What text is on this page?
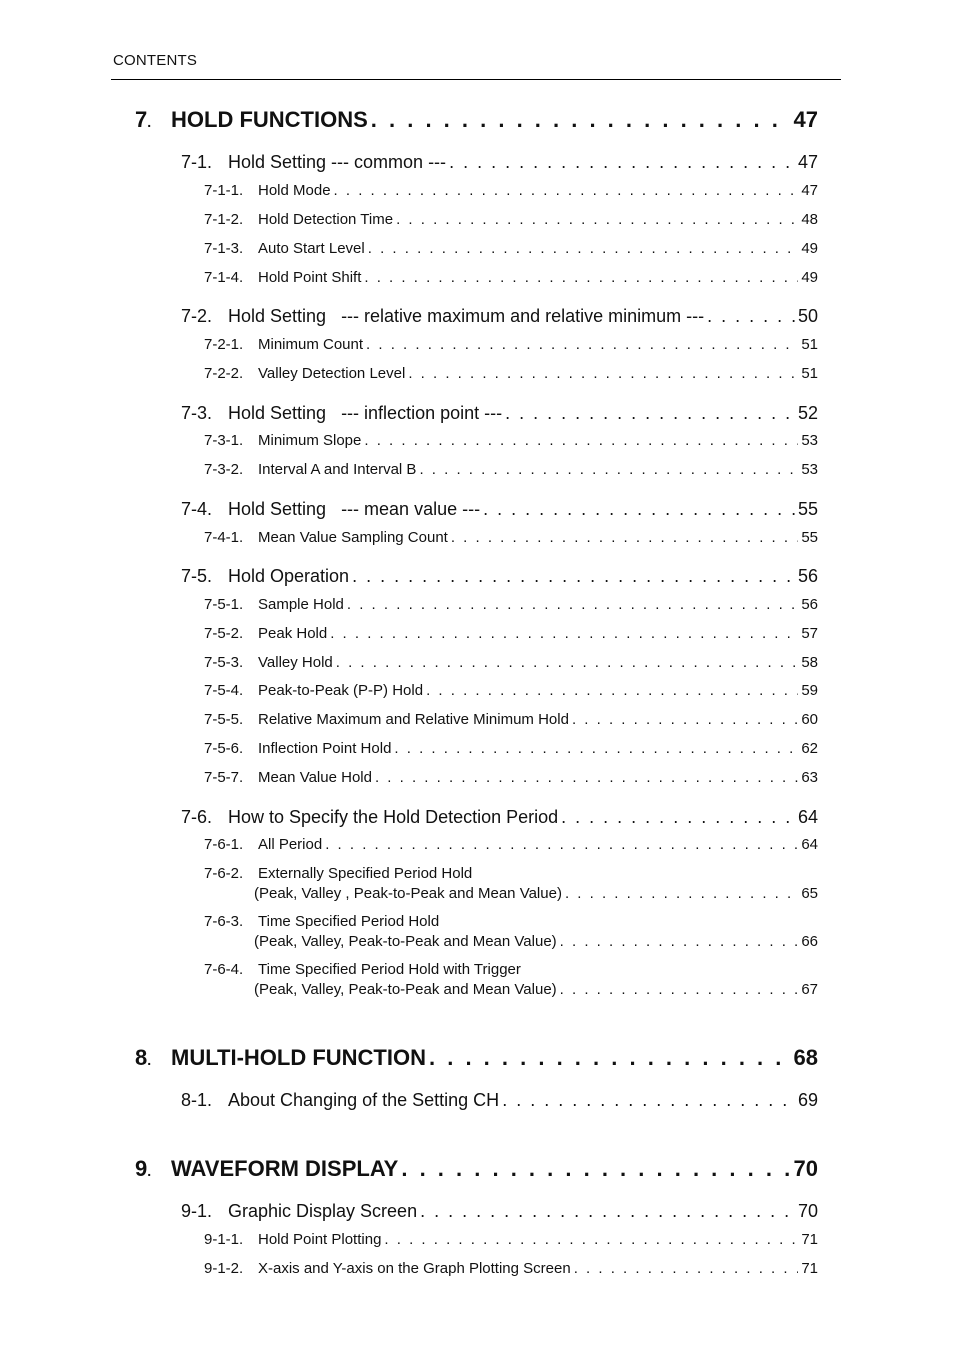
CONTENTS
7. HOLD FUNCTIONS . . .	47
7-1. Hold Setting --- common --- . . .	47
7-1-1. Hold Mode . . .	47
7-1-2. Hold Detection Time . . .	48
7-1-3. Auto Start Level . . .	49
7-1-4. Hold Point Shift . . .	49
7-2. Hold Setting   --- relative maximum and relative minimum --- . . .	50
7-2-1. Minimum Count . . .	51
7-2-2. Valley Detection Level . . .	51
7-3. Hold Setting   --- inflection point --- . . .	52
7-3-1. Minimum Slope . . .	53
7-3-2. Interval A and Interval B . . .	53
7-4. Hold Setting   --- mean value --- . . .	55
7-4-1. Mean Value Sampling Count . . .	55
7-5. Hold Operation . . .	56
7-5-1. Sample Hold . . .	56
7-5-2. Peak Hold . . .	57
7-5-3. Valley Hold . . .	58
7-5-4. Peak-to-Peak (P-P) Hold . . .	59
7-5-5. Relative Maximum and Relative Minimum Hold . . .	60
7-5-6. Inflection Point Hold . . .	62
7-5-7. Mean Value Hold . . .	63
7-6. How to Specify the Hold Detection Period . . .	64
7-6-1. All Period . . .	64
7-6-2. Externally Specified Period Hold
(Peak, Valley , Peak-to-Peak and Mean Value) . . .	65
7-6-3. Time Specified Period Hold
(Peak, Valley, Peak-to-Peak and Mean Value) . . .	66
7-6-4. Time Specified Period Hold with Trigger
(Peak, Valley, Peak-to-Peak and Mean Value) . . .	67
8. MULTI-HOLD FUNCTION . . .	68
8-1. About Changing of the Setting CH . . .	69
9. WAVEFORM DISPLAY . . .	70
9-1. Graphic Display Screen . . .	70
9-1-1. Hold Point Plotting . . .	71
9-1-2. X-axis and Y-axis on the Graph Plotting Screen . . .	71
